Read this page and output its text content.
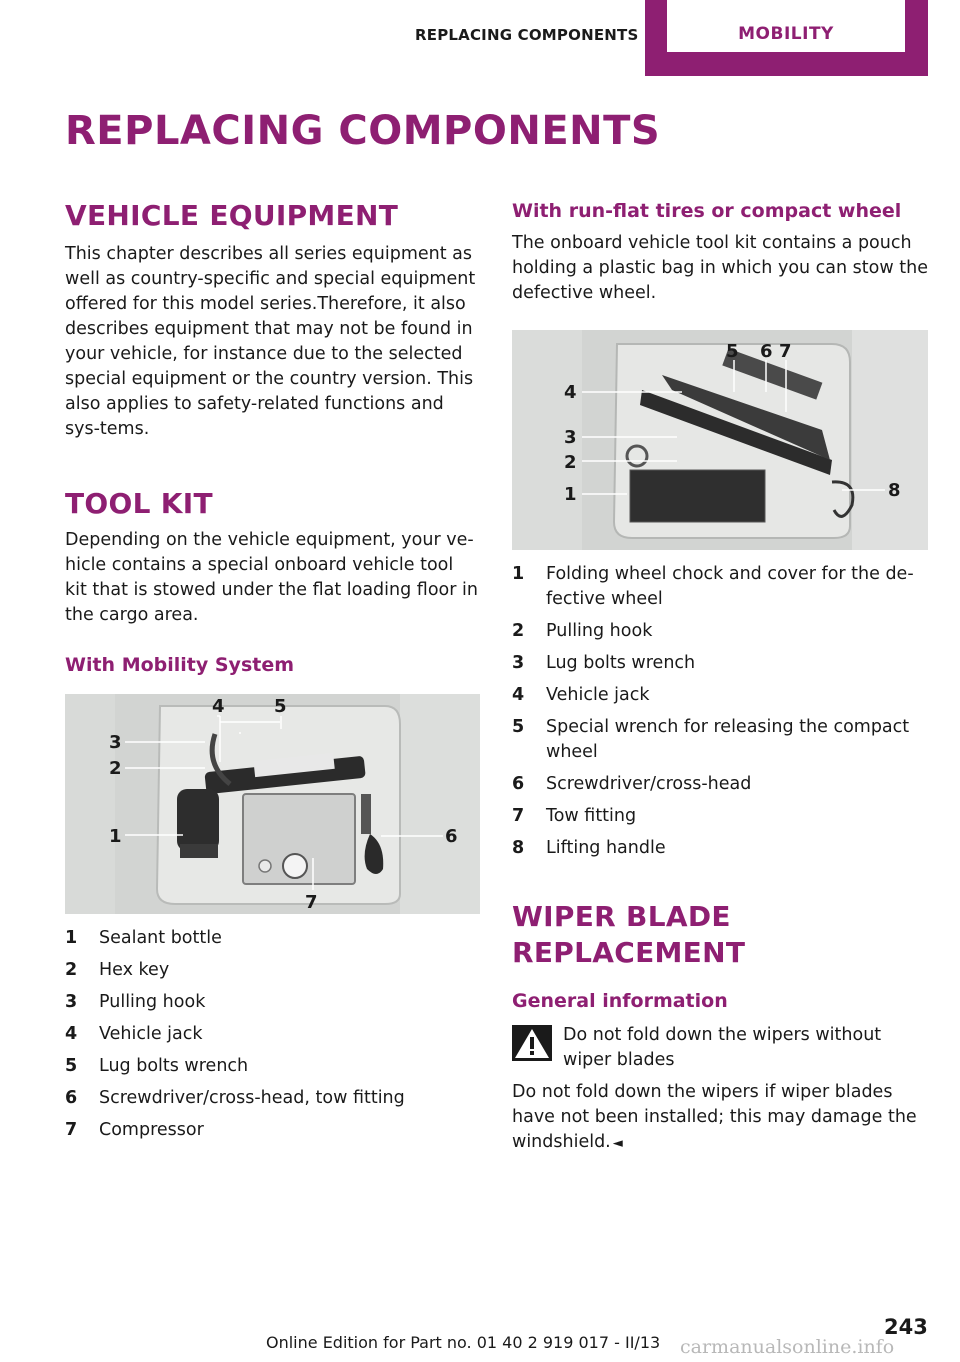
REPLACING COMPONENTS	MOBILITY
REPLACING COMPONENTS
VEHICLE EQUIPMENT

This chapter describes all series equipment as well as country-specific and special equipment offered for this model series.Therefore, it also describes equipment that may not be found in your vehicle, for instance due to the selected special equipment or the country version. This also applies to safety-related functions and sys-tems.

TOOL KIT

Depending on the vehicle equipment, your ve-hicle contains a special onboard vehicle tool kit that is stowed under the flat loading floor in the cargo area.

With Mobility System
1
2
3
4	5
6
7
1	Sealant bottle
2	Hex key
3	Pulling hook
4	Vehicle jack
5	Lug bolts wrench
6	Screwdriver/cross-head, tow fitting
7	Compressor
With run-flat tires or compact wheel

The onboard vehicle tool kit contains a pouch holding a plastic bag in which you can stow the defective wheel.

1
2
3
4
5 6 7
8
1	Folding wheel chock and cover for the de-fective wheel
2	Pulling hook
3	Lug bolts wrench
4	Vehicle jack
5	Special wrench for releasing the compact wheel
6	Screwdriver/cross-head
7	Tow fitting
8	Lifting handle
WIPER BLADE REPLACEMENT
General information

Do not fold down the wipers without wiper blades

Do not fold down the wipers if wiper blades have not been installed; this may damage the windshield. ◄

243
Online Edition for Part no. 01 40 2 919 017 - II/13 carmanualsonline.info
